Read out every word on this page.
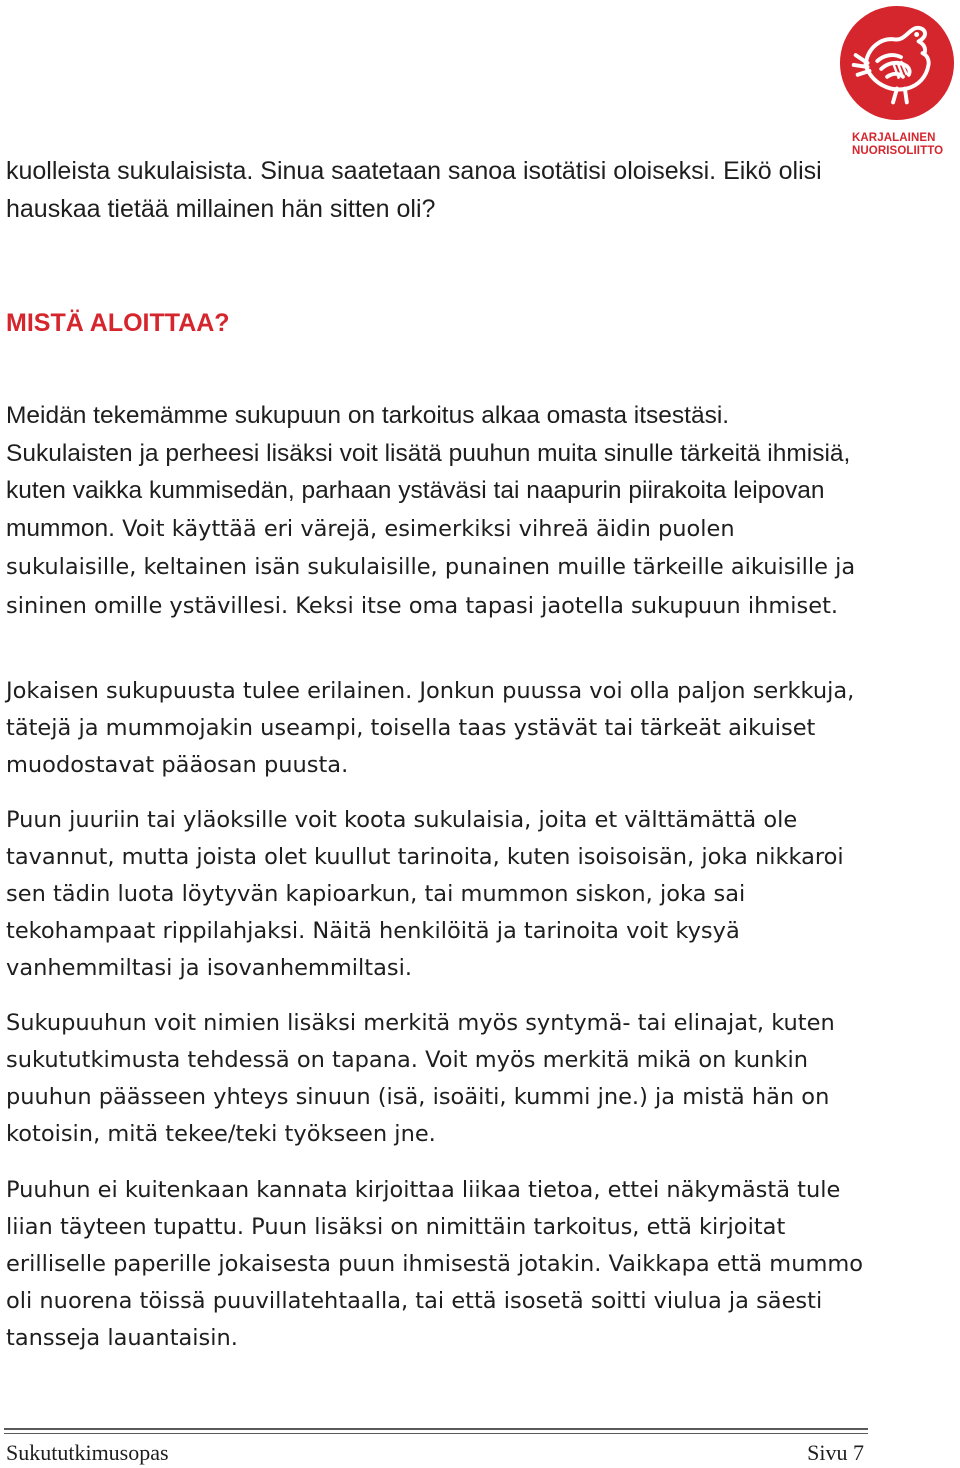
KARJALAINEN
NUORISOLIITTO
kuolleista sukulaisista. Sinua saatetaan sanoa isotätisi oloiseksi. Eikö olisi hauskaa tietää millainen hän sitten oli?
MISTÄ ALOITTAA?
Meidän tekemämme sukupuun on tarkoitus alkaa omasta itsestäsi. Sukulaisten ja perheesi lisäksi voit lisätä puuhun muita sinulle tärkeitä ihmisiä, kuten vaikka kummisedän, parhaan ystäväsi tai naapurin piirakoita leipovan mummon. Voit käyttää eri värejä, esimerkiksi vihreä äidin puolen sukulaisille, keltainen isän sukulaisille, punainen muille tärkeille aikuisille ja sininen omille ystävillesi. Keksi itse oma tapasi jaotella sukupuun ihmiset.
Jokaisen sukupuusta tulee erilainen. Jonkun puussa voi olla paljon serkkuja, tätejä ja mummojakin useampi, toisella taas ystävät tai tärkeät aikuiset muodostavat pääosan puusta.
Puun juuriin tai yläoksille voit koota sukulaisia, joita et välttämättä ole tavannut, mutta joista olet kuullut tarinoita, kuten isoisoisän, joka nikkaroi sen tädin luota löytyvän kapioarkun, tai mummon siskon, joka sai tekohampaat rippilahjaksi. Näitä henkilöitä ja tarinoita voit kysyä vanhemmiltasi ja isovanhemmiltasi.
Sukupuuhun voit nimien lisäksi merkitä myös syntymä- tai elinajat, kuten sukututkimusta tehdessä on tapana. Voit myös merkitä mikä on kunkin puuhun päässeen yhteys sinuun (isä, isoäiti, kummi jne.) ja mistä hän on kotoisin, mitä tekee/teki työkseen jne.
Puuhun ei kuitenkaan kannata kirjoittaa liikaa tietoa, ettei näkymästä tule liian täyteen tupattu. Puun lisäksi on nimittäin tarkoitus, että kirjoitat erilliselle paperille jokaisesta puun ihmisestä jotakin. Vaikkapa että mummo oli nuorena töissä puuvillatehtaalla, tai että isosetä soitti viulua ja säesti tansseja lauantaisin.
Sukututkimusopas	Sivu 7
